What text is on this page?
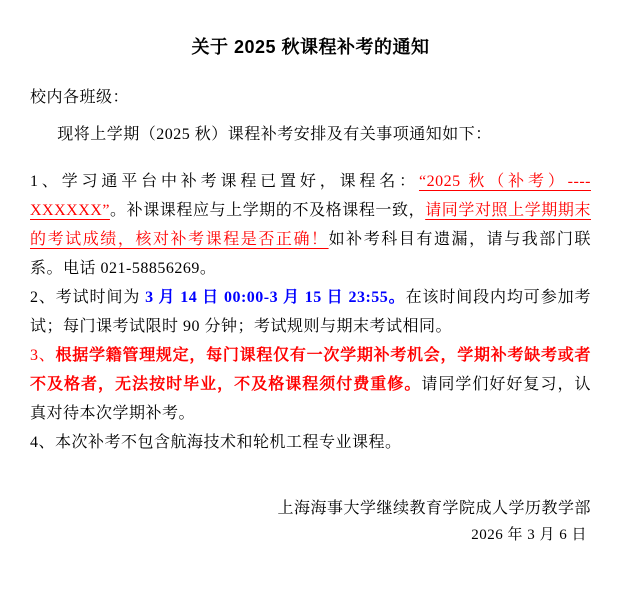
关于 2025 秋课程补考的通知

校内各班级：

现将上学期（2025 秋）课程补考安排及有关事项通知如下：

1、学习通平台中补考课程已置好，课程名：“2025 秋（补考）----XXXXXX”。补课课程应与上学期的不及格课程一致，请同学对照上学期期末的考试成绩，核对补考课程是否正确！如补考科目有遗漏，请与我部门联系。电话 021-58856269。

2、考试时间为 3 月 14 日 00:00-3 月 15 日 23:55。在该时间段内均可参加考试；每门课考试限时 90 分钟；考试规则与期末考试相同。

3、根据学籍管理规定，每门课程仅有一次学期补考机会，学期补考缺考或者不及格者，无法按时毕业，不及格课程须付费重修。请同学们好好复习，认真对待本次学期补考。

4、本次补考不包含航海技术和轮机工程专业课程。

上海海事大学继续教育学院成人学历教学部

2026 年 3 月 6 日
